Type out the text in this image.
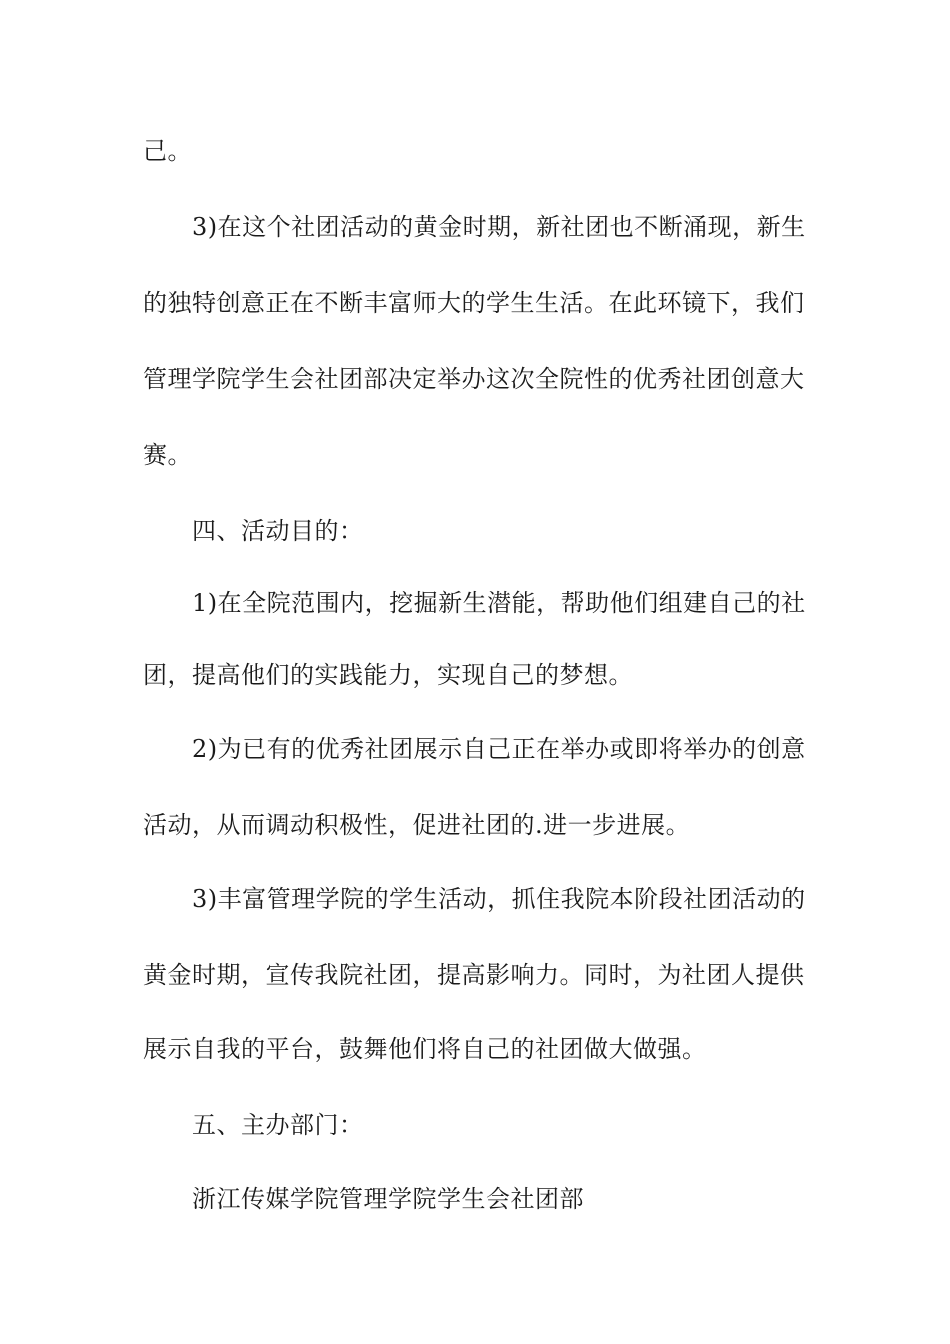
己。
3)在这个社团活动的黄金时期，新社团也不断涌现，新生
的独特创意正在不断丰富师大的学生生活。在此环镜下，我们
管理学院学生会社团部决定举办这次全院性的优秀社团创意大
赛。
四、活动目的：
1)在全院范围内，挖掘新生潜能，帮助他们组建自己的社
团，提高他们的实践能力，实现自己的梦想。
2)为已有的优秀社团展示自己正在举办或即将举办的创意
活动，从而调动积极性，促进社团的.进一步进展。
3)丰富管理学院的学生活动，抓住我院本阶段社团活动的
黄金时期，宣传我院社团，提高影响力。同时，为社团人提供
展示自我的平台，鼓舞他们将自己的社团做大做强。
五、主办部门：
浙江传媒学院管理学院学生会社团部
